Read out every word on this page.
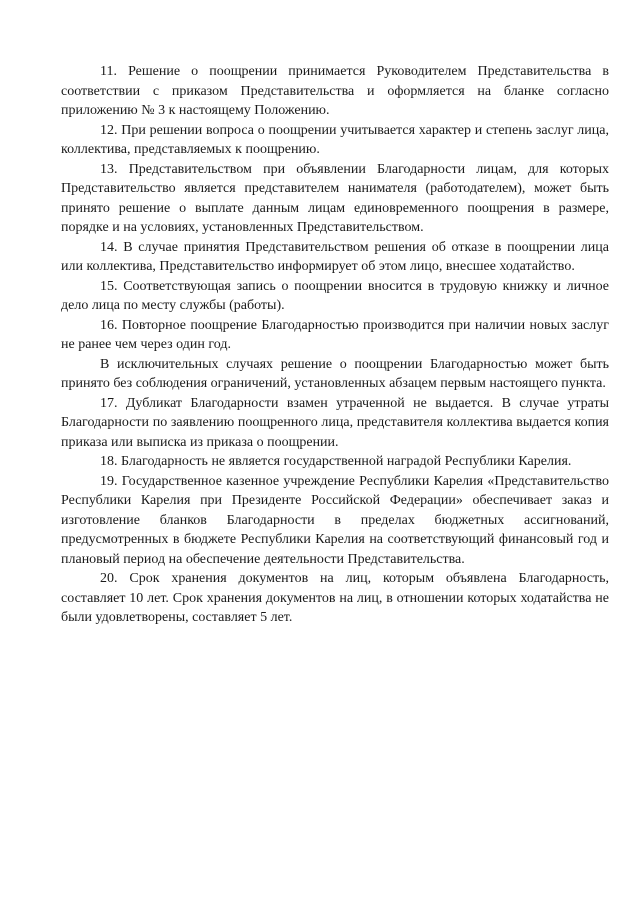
11. Решение о поощрении принимается Руководителем Представительства в соответствии с приказом Представительства и оформляется на бланке согласно приложению № 3 к настоящему Положению.

12. При решении вопроса о поощрении учитывается характер и степень заслуг лица, коллектива, представляемых к поощрению.

13. Представительством при объявлении Благодарности лицам, для которых Представительство является представителем нанимателя (работодателем), может быть принято решение о выплате данным лицам единовременного поощрения в размере, порядке и на условиях, установленных Представительством.

14. В случае принятия Представительством решения об отказе в поощрении лица или коллектива, Представительство информирует об этом лицо, внесшее ходатайство.

15. Соответствующая запись о поощрении вносится в трудовую книжку и личное дело лица по месту службы (работы).

16. Повторное поощрение Благодарностью производится при наличии новых заслуг не ранее чем через один год.

В исключительных случаях решение о поощрении Благодарностью может быть принято без соблюдения ограничений, установленных абзацем первым настоящего пункта.

17. Дубликат Благодарности взамен утраченной не выдается. В случае утраты Благодарности по заявлению поощренного лица, представителя коллектива выдается копия приказа или выписка из приказа о поощрении.

18. Благодарность не является государственной наградой Республики Карелия.

19. Государственное казенное учреждение Республики Карелия «Представительство Республики Карелия при Президенте Российской Федерации» обеспечивает заказ и изготовление бланков Благодарности в пределах бюджетных ассигнований, предусмотренных в бюджете Республики Карелия на соответствующий финансовый год и плановый период на обеспечение деятельности Представительства.

20. Срок хранения документов на лиц, которым объявлена Благодарность, составляет 10 лет. Срок хранения документов на лиц, в отношении которых ходатайства не были удовлетворены, составляет 5 лет.
